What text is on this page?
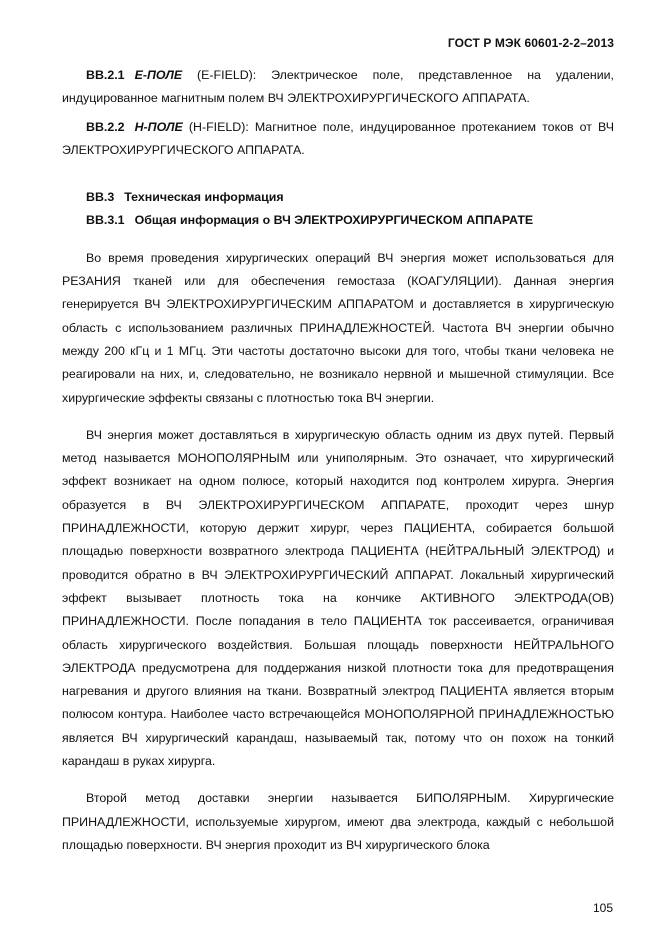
ГОСТ Р МЭК 60601-2-2–2013

BB.2.1 E-ПОЛЕ (E-FIELD): Электрическое поле, представленное на удалении, индуцированное магнитным полем ВЧ ЭЛЕКТРОХИРУРГИЧЕСКОГО АППАРАТА.

BB.2.2 H-ПОЛЕ (H-FIELD): Магнитное поле, индуцированное протеканием токов от ВЧ ЭЛЕКТРОХИРУРГИЧЕСКОГО АППАРАТА.

BB.3 Техническая информация

BB.3.1 Общая информация о ВЧ ЭЛЕКТРОХИРУРГИЧЕСКОМ АППАРАТЕ

Во время проведения хирургических операций ВЧ энергия может использоваться для РЕЗАНИЯ тканей или для обеспечения гемостаза (КОАГУЛЯЦИИ). Данная энергия генерируется ВЧ ЭЛЕКТРОХИРУРГИЧЕСКИМ АППАРАТОМ и доставляется в хирургическую область с использованием различных ПРИНАДЛЕЖНОСТЕЙ. Частота ВЧ энергии обычно между 200 кГц и 1 МГц. Эти частоты достаточно высоки для того, чтобы ткани человека не реагировали на них, и, следовательно, не возникало нервной и мышечной стимуляции. Все хирургические эффекты связаны с плотностью тока ВЧ энергии.

ВЧ энергия может доставляться в хирургическую область одним из двух путей. Первый метод называется МОНОПОЛЯРНЫМ или униполярным. Это означает, что хирургический эффект возникает на одном полюсе, который находится под контролем хирурга. Энергия образуется в ВЧ ЭЛЕКТРОХИРУРГИЧЕСКОМ АППАРАТЕ, проходит через шнур ПРИНАДЛЕЖНОСТИ, которую держит хирург, через ПАЦИЕНТА, собирается большой площадью поверхности возвратного электрода ПАЦИЕНТА (НЕЙТРАЛЬНЫЙ ЭЛЕКТРОД) и проводится обратно в ВЧ ЭЛЕКТРОХИРУРГИЧЕСКИЙ АППАРАТ. Локальный хирургический эффект вызывает плотность тока на кончике АКТИВНОГО ЭЛЕКТРОДА(ОВ) ПРИНАДЛЕЖНОСТИ. После попадания в тело ПАЦИЕНТА ток рассеивается, ограничивая область хирургического воздействия. Большая площадь поверхности НЕЙТРАЛЬНОГО ЭЛЕКТРОДА предусмотрена для поддержания низкой плотности тока для предотвращения нагревания и другого влияния на ткани. Возвратный электрод ПАЦИЕНТА является вторым полюсом контура. Наиболее часто встречающейся МОНОПОЛЯРНОЙ ПРИНАДЛЕЖНОСТЬЮ является ВЧ хирургический карандаш, называемый так, потому что он похож на тонкий карандаш в руках хирурга.

Второй метод доставки энергии называется БИПОЛЯРНЫМ. Хирургические ПРИНАДЛЕЖНОСТИ, используемые хирургом, имеют два электрода, каждый с небольшой площадью поверхности. ВЧ энергия проходит из ВЧ хирургического блока

105
